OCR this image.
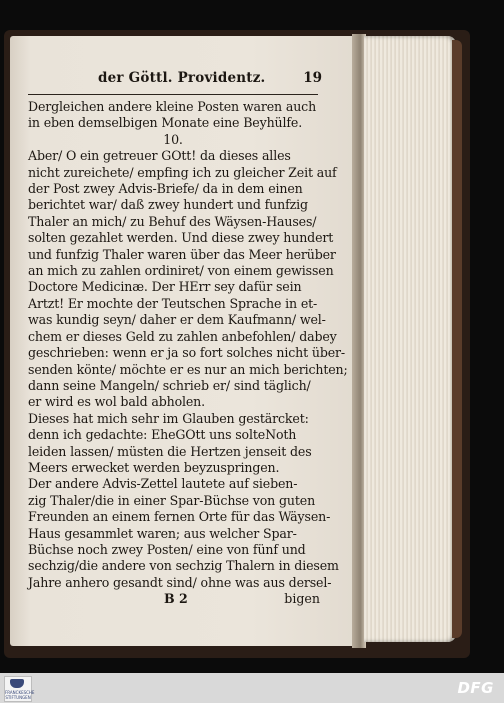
der Göttl. Providentz.	19
Dergleichen andere kleine Posten waren auch
in eben demselbigen Monate eine Beyhülfe.
10.
Aber/ O ein getreuer GOtt! da dieses alles
nicht zureichete/ empfing ich zu gleicher Zeit auf
der Post zwey Advis-Briefe/ da in dem einen
berichtet war/ daß zwey hundert und funfzig
Thaler an mich/ zu Behuf des Wäysen-Hauses/
solten gezahlet werden. Und diese zwey hundert
und funfzig Thaler waren über das Meer herüber
an mich zu zahlen ordiniret/ von einem gewissen
Doctore Medicinæ. Der HErr sey dafür sein
Artzt! Er mochte der Teutschen Sprache in et-
was kundig seyn/ daher er dem Kaufmann/ wel-
chem er dieses Geld zu zahlen anbefohlen/ dabey
geschrieben: wenn er ja so fort solches nicht über-
senden könte/ möchte er es nur an mich berichten;
dann seine Mangeln/ schrieb er/ sind täglich/
er wird es wol bald abholen.
Dieses hat mich sehr im Glauben gestärcket:
denn ich gedachte: EheGOtt uns solteNoth
leiden lassen/ müsten die Hertzen jenseit des
Meers erwecket werden beyzuspringen.
Der andere Advis-Zettel lautete auf sieben-
zig Thaler/die in einer Spar-Büchse von guten
Freunden an einem fernen Orte für das Wäysen-
Haus gesammlet waren; aus welcher Spar-
Büchse noch zwey Posten/ eine von fünf und
sechzig/die andere von sechzig Thalern in diesem
Jahre anhero gesandt sind/ ohne was aus dersel-
B 2	bigen
FRANCKESCHE STIFTUNGEN
DFG
